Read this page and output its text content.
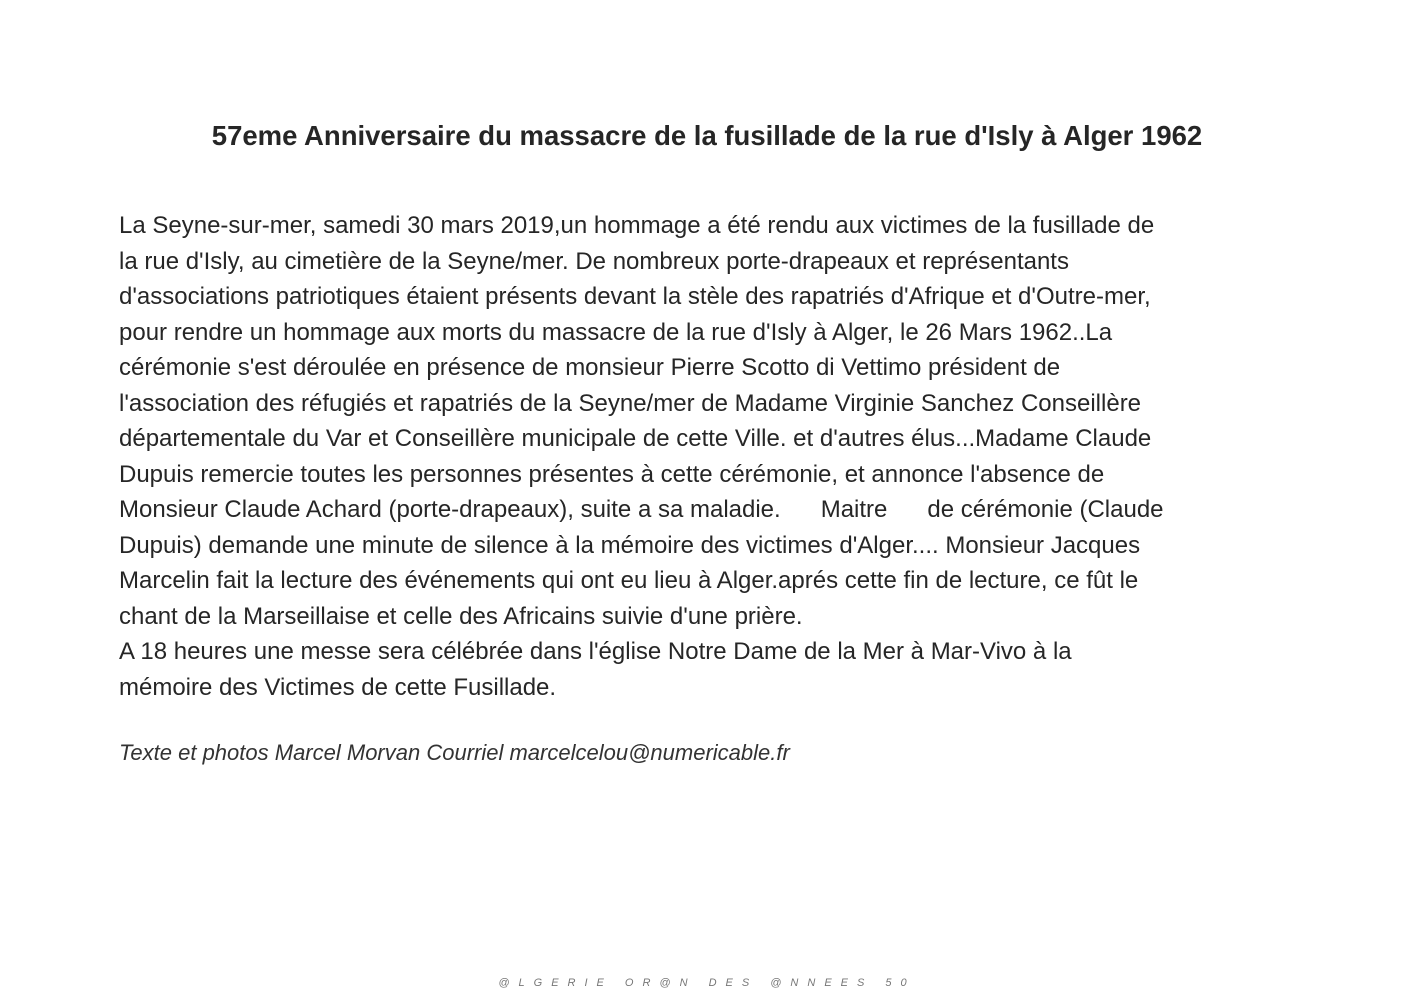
57eme Anniversaire du massacre de la fusillade de la rue d'Isly à Alger 1962

La Seyne-sur-mer, samedi 30 mars 2019,un hommage a été rendu aux victimes de la fusillade de
la rue d'Isly, au cimetière de la Seyne/mer. De nombreux porte-drapeaux et représentants
d'associations patriotiques étaient présents devant la stèle des rapatriés d'Afrique et d'Outre-mer,
pour rendre un hommage aux morts du massacre de la rue d'Isly à Alger, le 26 Mars 1962..La
cérémonie s'est déroulée en présence de monsieur Pierre Scotto di Vettimo président de
l'association des réfugiés et rapatriés de la Seyne/mer de Madame Virginie Sanchez Conseillère
départementale du Var et Conseillère municipale de cette Ville. et d'autres élus...Madame Claude
Dupuis remercie toutes les personnes présentes à cette cérémonie, et annonce l'absence de
Monsieur Claude Achard (porte-drapeaux), suite a sa maladie.      Maitre      de cérémonie (Claude
Dupuis) demande une minute de silence à la mémoire des victimes d'Alger.... Monsieur Jacques
Marcelin fait la lecture des événements qui ont eu lieu à Alger.aprés cette fin de lecture, ce fût le
chant de la Marseillaise et celle des Africains suivie d'une prière.

A 18 heures une messe sera célébrée dans l'église Notre Dame de la Mer à Mar-Vivo à la
mémoire des Victimes de cette Fusillade.

Texte et photos Marcel Morvan Courriel marcelcelou@numericable.fr
@LGERIE OR@N DES @NNEES 50
